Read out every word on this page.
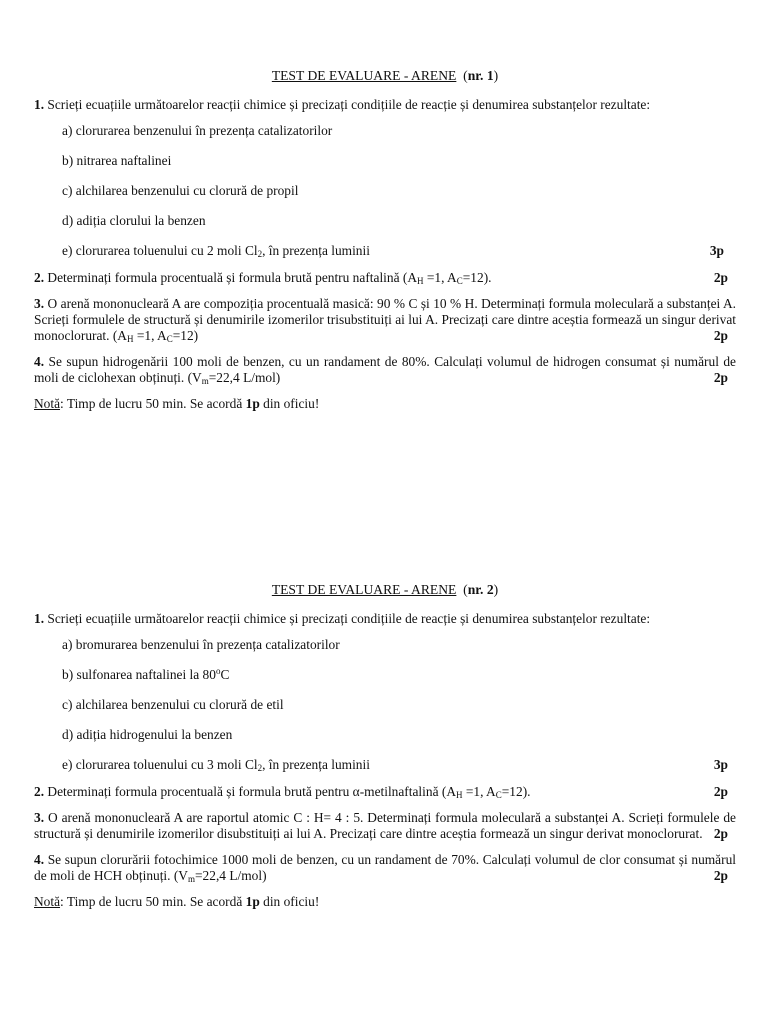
TEST DE EVALUARE - ARENE  (nr. 1)
1. Scrieți ecuațiile următoarelor reacții chimice și precizați condițiile de reacție și denumirea substanțelor rezultate:
a) clorurarea benzenului în prezența catalizatorilor
b) nitrarea naftalinei
c) alchilarea benzenului cu clorură de propil
d) adiția clorului la benzen
e) clorurarea toluenului cu 2 moli $Cl_2$, în prezența luminii	3p
2. Determinați formula procentuală și formula brută pentru naftalină ($A_H =1$, $A_C=12$).	2p
3. O arenă mononucleară A are compoziția procentuală masică: 90 % C și 10 % H. Determinați formula moleculară a substanței A. Scrieți formulele de structură și denumirile izomerilor trisubstituiți ai lui A. Precizați care dintre aceștia formează un singur derivat monoclorurat. ($A_H =1$, $A_C=12$)	2p
4. Se supun hidrogenării 100 moli de benzen, cu un randament de 80%. Calculați volumul de hidrogen consumat și numărul de moli de ciclohexan obținuți. ($V_m=22,4$ L/mol)	2p
Notă: Timp de lucru 50 min. Se acordă 1p din oficiu!
TEST DE EVALUARE - ARENE  (nr. 2)
1. Scrieți ecuațiile următoarelor reacții chimice și precizați condițiile de reacție și denumirea substanțelor rezultate:
a) bromurarea benzenului în prezența catalizatorilor
b) sulfonarea naftalinei la 80$^o$C
c) alchilarea benzenului cu clorură de etil
d) adiția hidrogenului la benzen
e) clorurarea toluenului cu 3 moli $Cl_2$, în prezența luminii	3p
2. Determinați formula procentuală și formula brută pentru α-metilnaftalină ($A_H =1$, $A_C=12$).	2p
3. O arenă mononucleară A are raportul atomic C : H= 4 : 5. Determinați formula moleculară a substanței A. Scrieți formulele de structură și denumirile izomerilor disubstituiți ai lui A. Precizați care dintre aceștia formează un singur derivat monoclorurat. 2p
4. Se supun clorurării fotochimice 1000 moli de benzen, cu un randament de 70%. Calculați volumul de clor consumat și numărul de moli de HCH obținuți. ($V_m=22,4$ L/mol)	2p
Notă: Timp de lucru 50 min. Se acordă 1p din oficiu!
